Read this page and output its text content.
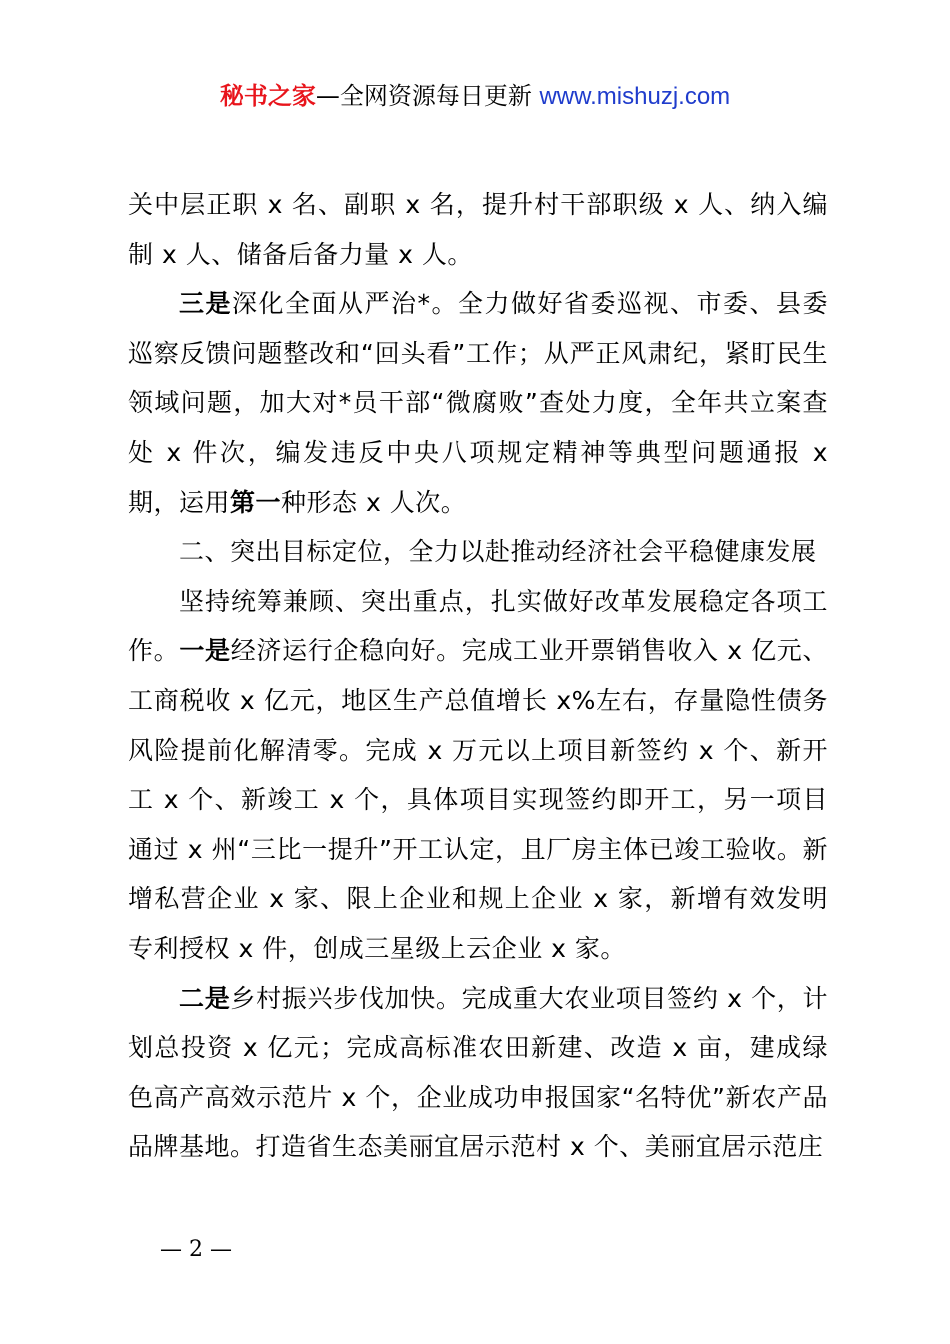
秘书之家—全网资源每日更新 www.mishuzj.com

关中层正职 x 名、副职 x 名，提升村干部职级 x 人、纳入编制 x 人、储备后备力量 x 人。

三是深化全面从严治*。全力做好省委巡视、市委、县委巡察反馈问题整改和“回头看”工作；从严正风肃纪，紧盯民生领域问题，加大对*员干部“微腐败”查处力度，全年共立案查处 x 件次，编发违反中央八项规定精神等典型问题通报 x 期，运用第一种形态 x 人次。

二、突出目标定位，全力以赴推动经济社会平稳健康发展

坚持统筹兼顾、突出重点，扎实做好改革发展稳定各项工作。一是经济运行企稳向好。完成工业开票销售收入 x 亿元、工商税收 x 亿元，地区生产总值增长 x%左右，存量隐性债务风险提前化解清零。完成 x 万元以上项目新签约 x 个、新开工 x 个、新竣工 x 个，具体项目实现签约即开工，另一项目通过 x 州“三比一提升”开工认定，且厂房主体已竣工验收。新增私营企业 x 家、限上企业和规上企业 x 家，新增有效发明专利授权 x 件，创成三星级上云企业 x 家。

二是乡村振兴步伐加快。完成重大农业项目签约 x 个，计划总投资 x 亿元；完成高标准农田新建、改造 x 亩，建成绿色高产高效示范片 x 个，企业成功申报国家“名特优”新农产品品牌基地。打造省生态美丽宜居示范村 x 个、美丽宜居示范庄

— 2 —
